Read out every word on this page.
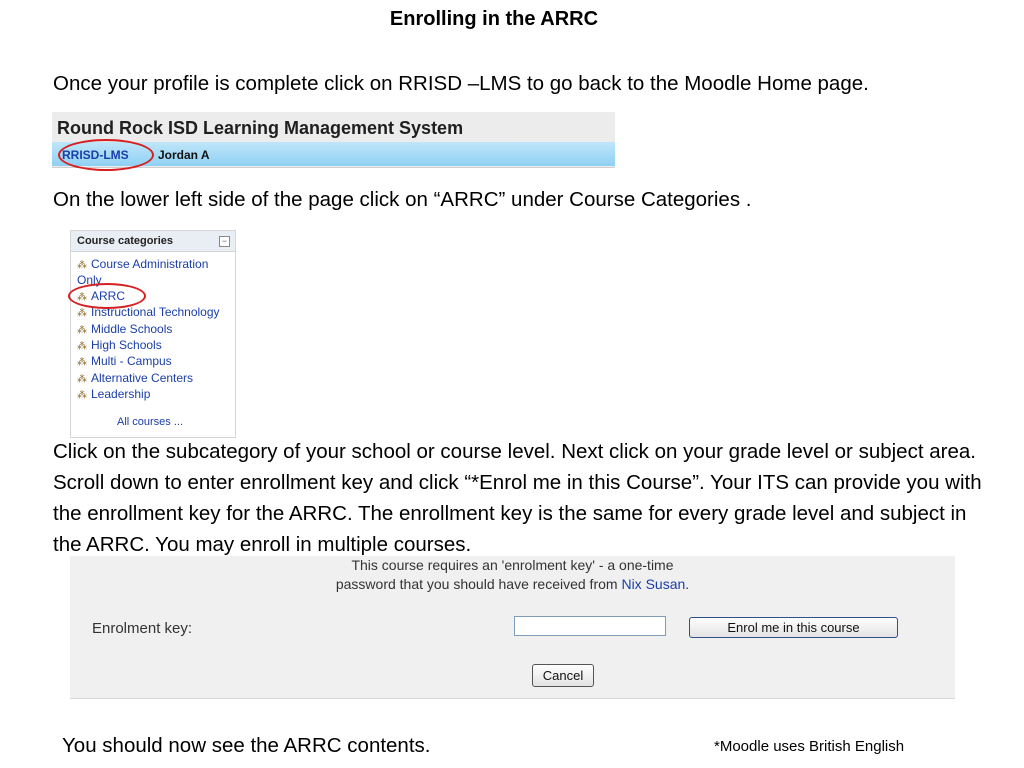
Enrolling in the ARRC
Once your profile is complete click on RRISD –LMS to go back to the Moodle Home page.
Round Rock ISD Learning Management System
RRISD-LMS Jordan A
On the lower left side of the page click on “ARRC” under Course Categories .
Course categories	−
⁂ Course Administration Only
⁂ ARRC
⁂ Instructional Technology
⁂ Middle Schools
⁂ High Schools
⁂ Multi - Campus
⁂ Alternative Centers
⁂ Leadership
All courses ...
Click on the subcategory of your school or course level. Next click on your grade level or subject area. Scroll down to enter enrollment key and click “*Enrol me in this Course”. Your ITS can provide you with the enrollment key for the ARRC. The enrollment key is the same for every grade level and subject in the ARRC. You may enroll in multiple courses.
This course requires an 'enrolment key' - a one-time
password that you should have received from Nix Susan.
Enrolment key:	Enrol me in this course
Cancel
You should now see the ARRC contents.	*Moodle uses British English
